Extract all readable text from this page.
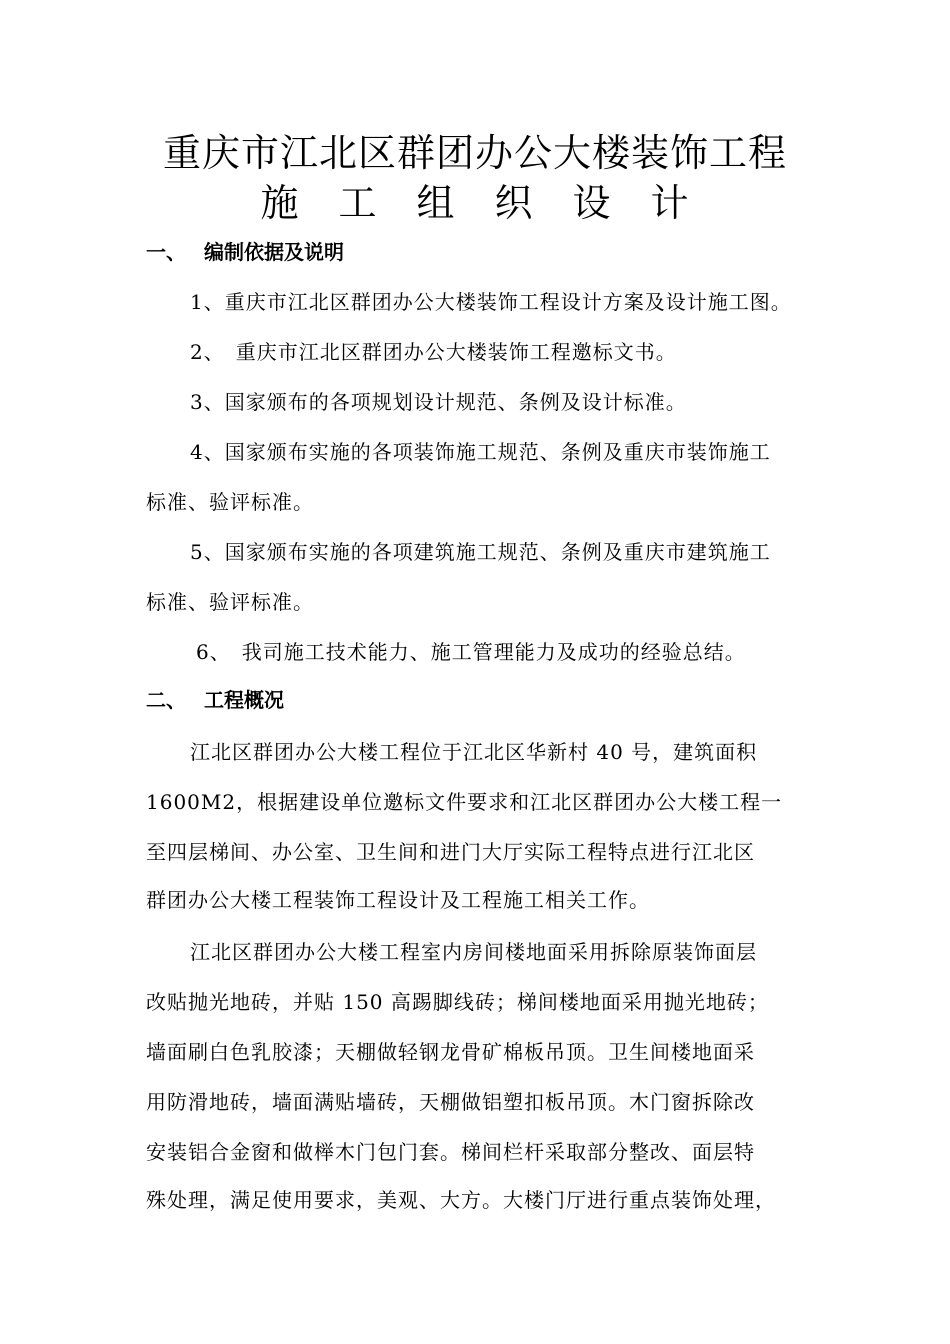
重庆市江北区群团办公大楼装饰工程
施　工　组　织　设　计
一、 编制依据及说明
1、重庆市江北区群团办公大楼装饰工程设计方案及设计施工图。
2、　重庆市江北区群团办公大楼装饰工程邀标文书。
3、国家颁布的各项规划设计规范、条例及设计标准。
4、国家颁布实施的各项装饰施工规范、条例及重庆市装饰施工
标准、验评标准。
5、国家颁布实施的各项建筑施工规范、条例及重庆市建筑施工
标准、验评标准。
6、　我司施工技术能力、施工管理能力及成功的经验总结。
二、 工程概况
江北区群团办公大楼工程位于江北区华新村 40 号，建筑面积
1600M2，根据建设单位邀标文件要求和江北区群团办公大楼工程一
至四层梯间、办公室、卫生间和进门大厅实际工程特点进行江北区
群团办公大楼工程装饰工程设计及工程施工相关工作。
江北区群团办公大楼工程室内房间楼地面采用拆除原装饰面层
改贴抛光地砖，并贴 150 高踢脚线砖；梯间楼地面采用抛光地砖；
墙面刷白色乳胶漆；天棚做轻钢龙骨矿棉板吊顶。卫生间楼地面采
用防滑地砖，墙面满贴墙砖，天棚做铝塑扣板吊顶。木门窗拆除改
安装铝合金窗和做榉木门包门套。梯间栏杆采取部分整改、面层特
殊处理，满足使用要求，美观、大方。大楼门厅进行重点装饰处理，
